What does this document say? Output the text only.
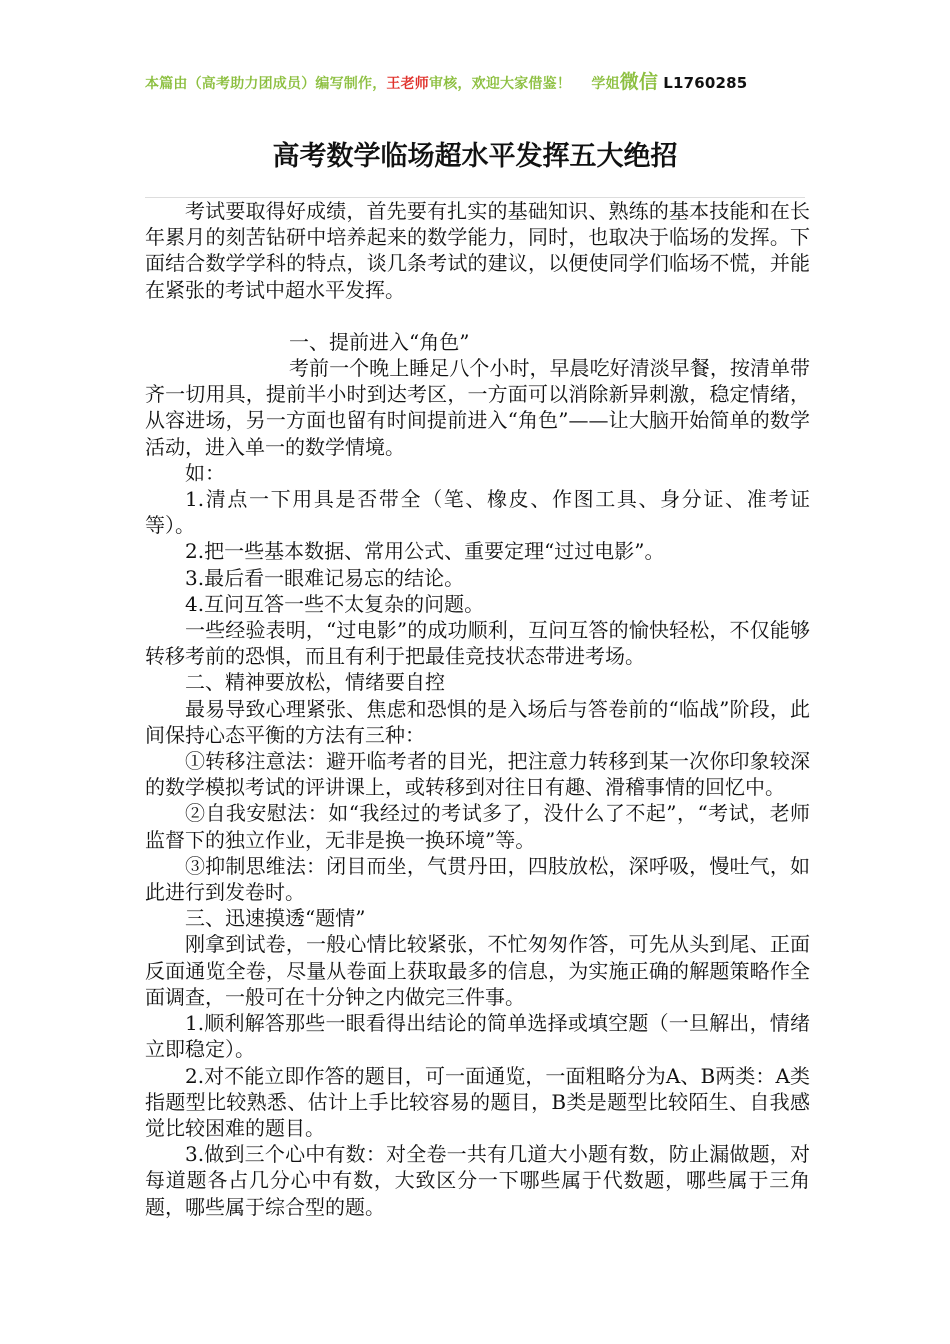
本篇由（高考助力团成员）编写制作，王老师审核，欢迎大家借鉴！ 学姐微信 L1760285
高考数学临场超水平发挥五大绝招

考试要取得好成绩，首先要有扎实的基础知识、熟练的基本技能和在长年累月的刻苦钻研中培养起来的数学能力，同时，也取决于临场的发挥。下面结合数学学科的特点，谈几条考试的建议，以便使同学们临场不慌，并能在紧张的考试中超水平发挥。

一、提前进入“角色”

考前一个晚上睡足八个小时，早晨吃好清淡早餐，按清单带齐一切用具，提前半小时到达考区，一方面可以消除新异刺激，稳定情绪，从容进场，另一方面也留有时间提前进入“角色”——让大脑开始简单的数学活动，进入单一的数学情境。

如：

1.清点一下用具是否带全（笔、橡皮、作图工具、身分证、准考证等）。

2.把一些基本数据、常用公式、重要定理“过过电影”。

3.最后看一眼难记易忘的结论。

4.互问互答一些不太复杂的问题。

一些经验表明，“过电影”的成功顺利，互问互答的愉快轻松，不仅能够转移考前的恐惧，而且有利于把最佳竞技状态带进考场。

二、精神要放松，情绪要自控

最易导致心理紧张、焦虑和恐惧的是入场后与答卷前的“临战”阶段，此间保持心态平衡的方法有三种：

①转移注意法：避开临考者的目光，把注意力转移到某一次你印象较深的数学模拟考试的评讲课上，或转移到对往日有趣、滑稽事情的回忆中。

②自我安慰法：如“我经过的考试多了，没什么了不起”，“考试，老师监督下的独立作业，无非是换一换环境”等。

③抑制思维法：闭目而坐，气贯丹田，四肢放松，深呼吸，慢吐气，如此进行到发卷时。

三、迅速摸透“题情”

刚拿到试卷，一般心情比较紧张，不忙匆匆作答，可先从头到尾、正面反面通览全卷，尽量从卷面上获取最多的信息，为实施正确的解题策略作全面调查，一般可在十分钟之内做完三件事。

1.顺利解答那些一眼看得出结论的简单选择或填空题（一旦解出，情绪立即稳定）。

2.对不能立即作答的题目，可一面通览，一面粗略分为A、B两类：A类指题型比较熟悉、估计上手比较容易的题目，B类是题型比较陌生、自我感觉比较困难的题目。

3.做到三个心中有数：对全卷一共有几道大小题有数，防止漏做题，对每道题各占几分心中有数，大致区分一下哪些属于代数题，哪些属于三角题，哪些属于综合型的题。
